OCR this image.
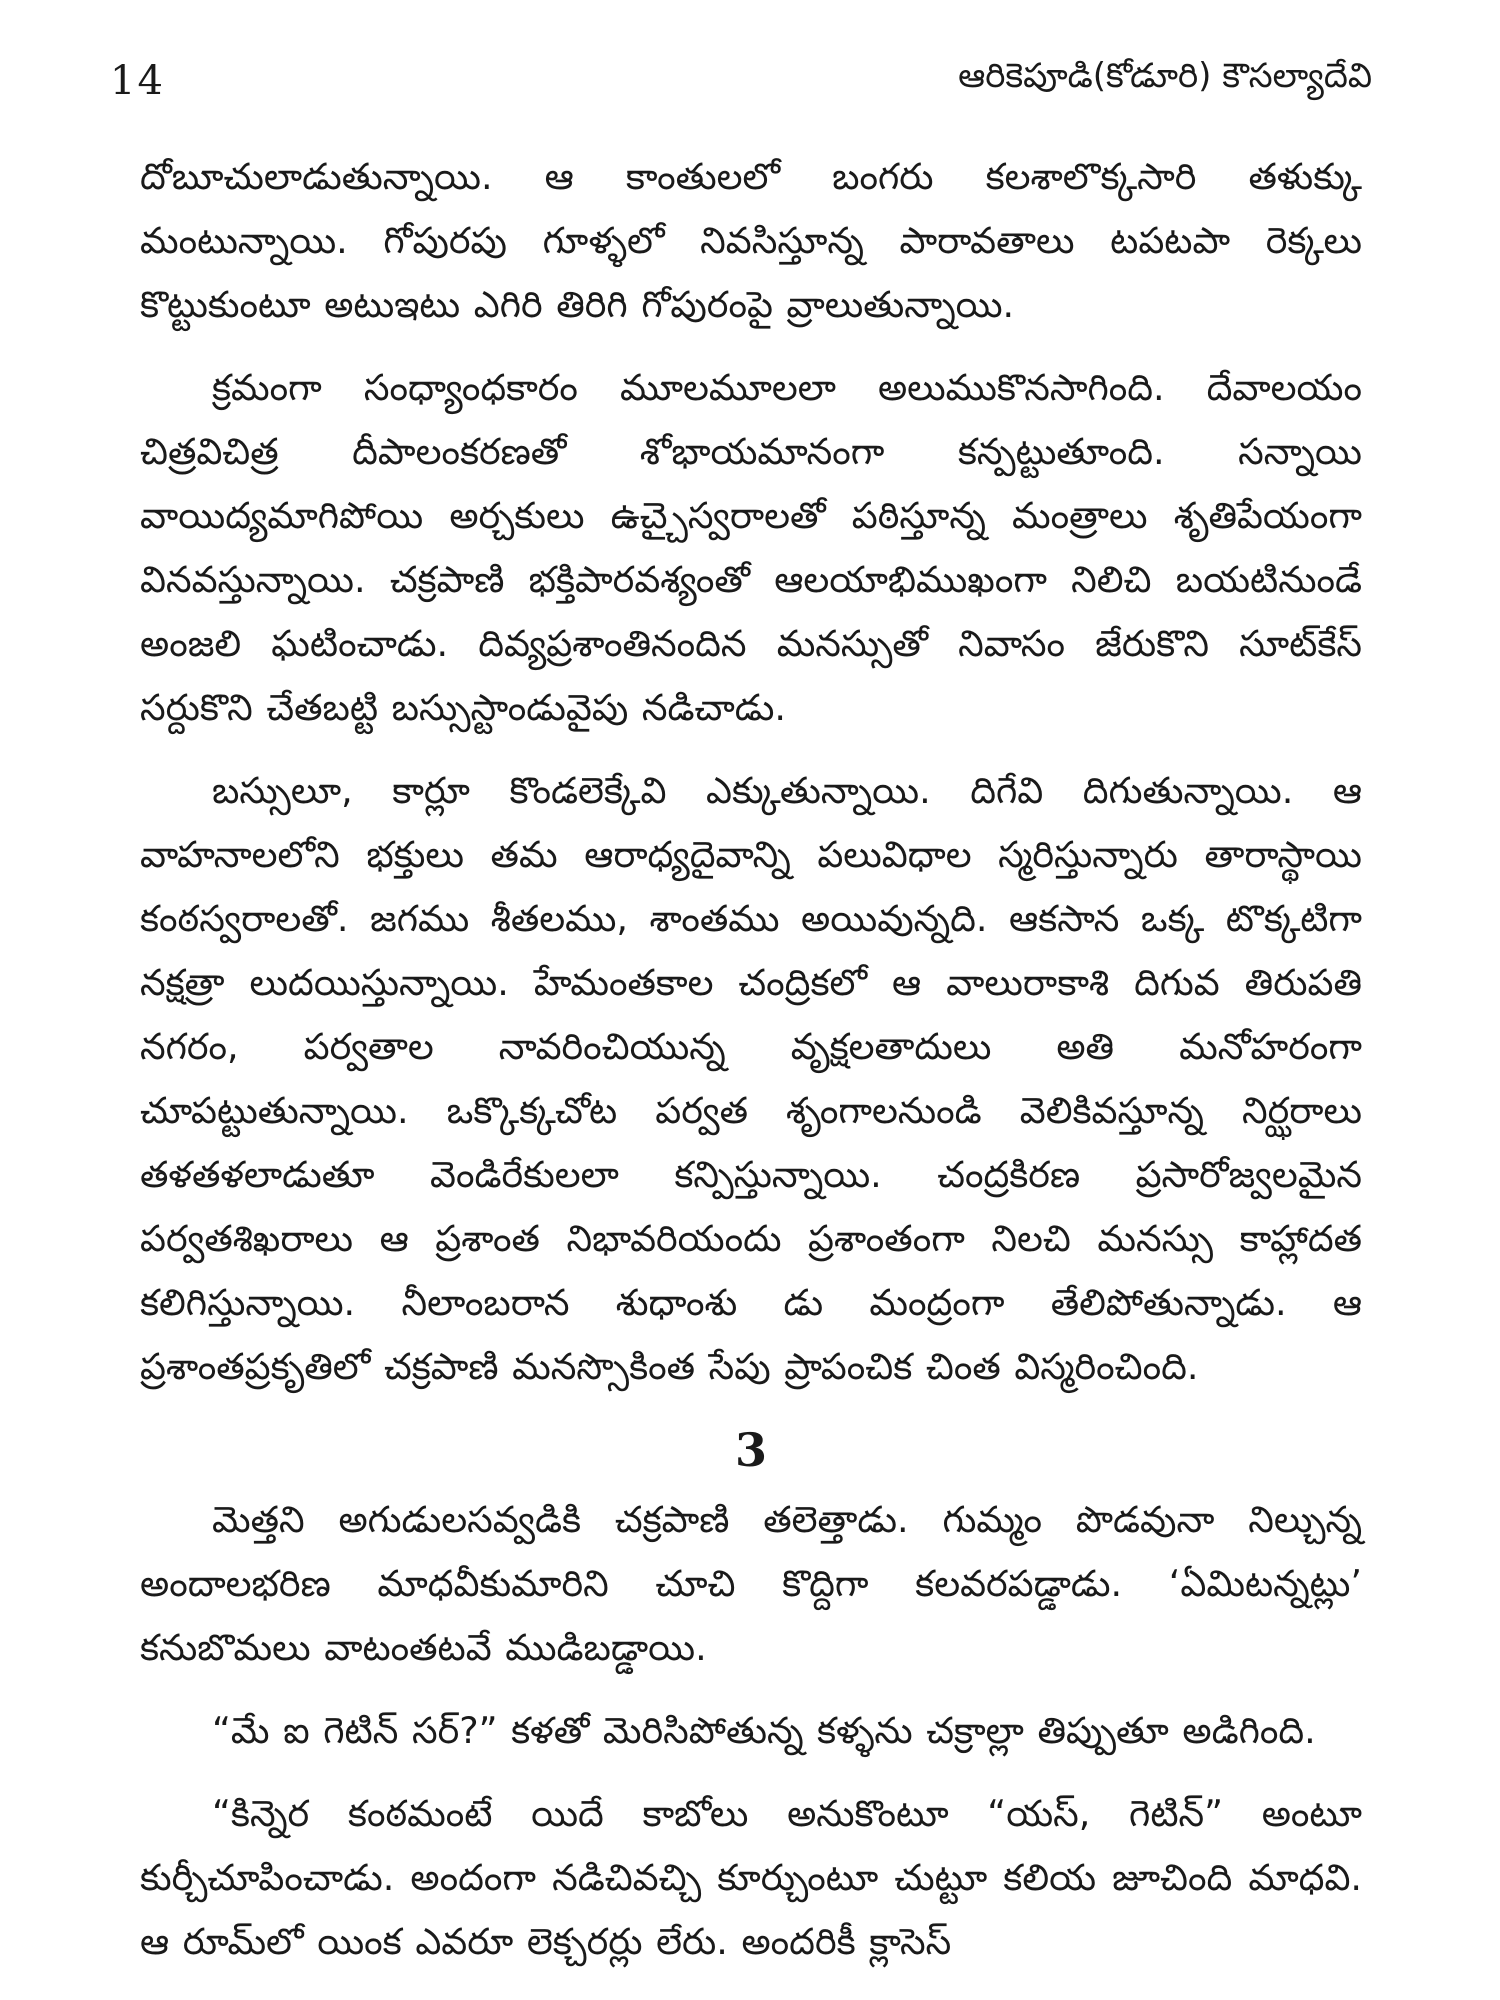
14	ఆరికెపూడి(కోడూరి) కౌసల్యాదేవి

దోబూచులాడుతున్నాయి. ఆ కాంతులలో బంగరు కలశాలొక్కసారి తళుక్కు మంటున్నాయి. గోపురపు గూళ్ళలో నివసిస్తూన్న పారావతాలు టపటపా రెక్కలు కొట్టుకుంటూ అటుఇటు ఎగిరి తిరిగి గోపురంపై వ్రాలుతున్నాయి.

క్రమంగా సంధ్యాంధకారం మూలమూలలా అలుముకొనసాగింది. దేవాలయం చిత్రవిచిత్ర దీపాలంకరణతో శోభాయమానంగా కన్పట్టుతూంది. సన్నాయి వాయిద్యమాగిపోయి అర్చకులు ఉచ్చైస్వరాలతో పఠిస్తూన్న మంత్రాలు శృతిపేయంగా వినవస్తున్నాయి. చక్రపాణి భక్తిపారవశ్యంతో ఆలయాభిముఖంగా నిలిచి బయటినుండే అంజలి ఘటించాడు. దివ్యప్రశాంతినందిన మనస్సుతో నివాసం జేరుకొని సూట్‌కేస్ సర్దుకొని చేతబట్టి బస్సుస్టాండువైపు నడిచాడు.

బస్సులూ, కార్లూ కొండలెక్కేవి ఎక్కుతున్నాయి. దిగేవి దిగుతున్నాయి. ఆ వాహనాలలోని భక్తులు తమ ఆరాధ్యదైవాన్ని పలువిధాల స్మరిస్తున్నారు తారాస్థాయి కంఠస్వరాలతో. జగము శీతలము, శాంతము అయివున్నది. ఆకసాన ఒక్క టొక్కటిగా నక్షత్రా లుదయిస్తున్నాయి. హేమంతకాల చంద్రికలో ఆ వాలురాకాశి దిగువ తిరుపతి నగరం, పర్వతాల నావరించియున్న వృక్షలతాదులు అతి మనోహరంగా చూపట్టుతున్నాయి. ఒక్కొక్కచోట పర్వత శృంగాలనుండి వెలికివస్తూన్న నిర్ఝరాలు తళతళలాడుతూ వెండిరేకులలా కన్పిస్తున్నాయి. చంద్రకిరణ ప్రసారోజ్వలమైన పర్వతశిఖరాలు ఆ ప్రశాంత నిభావరియందు ప్రశాంతంగా నిలచి మనస్సు కాహ్లాదత కలిగిస్తున్నాయి. నీలాంబరాన శుధాంశు డు మంద్రంగా తేలిపోతున్నాడు. ఆ ప్రశాంతప్రకృతిలో చక్రపాణి మనస్సొకింత సేపు ప్రాపంచిక చింత విస్మరించింది.

3

మెత్తని అగుడులసవ్వడికి చక్రపాణి తలెత్తాడు. గుమ్మం పొడవునా నిల్చున్న అందాలభరిణ మాధవీకుమారిని చూచి కొద్దిగా కలవరపడ్డాడు. ‘ఏమిటన్నట్లు’ కనుబొమలు వాటంతటవే ముడిబడ్డాయి.

“మే ఐ గెటిన్ సర్?” కళతో మెరిసిపోతున్న కళ్ళను చక్రాల్లా తిప్పుతూ అడిగింది.

“కిన్నెర కంఠమంటే యిదే కాబోలు అనుకొంటూ “యస్, గెటిన్” అంటూ కుర్చీచూపించాడు. అందంగా నడిచివచ్చి కూర్చుంటూ చుట్టూ కలియ జూచింది మాధవి. ఆ రూమ్‌లో యింక ఎవరూ లెక్చరర్లు లేరు. అందరికీ క్లాసెస్
